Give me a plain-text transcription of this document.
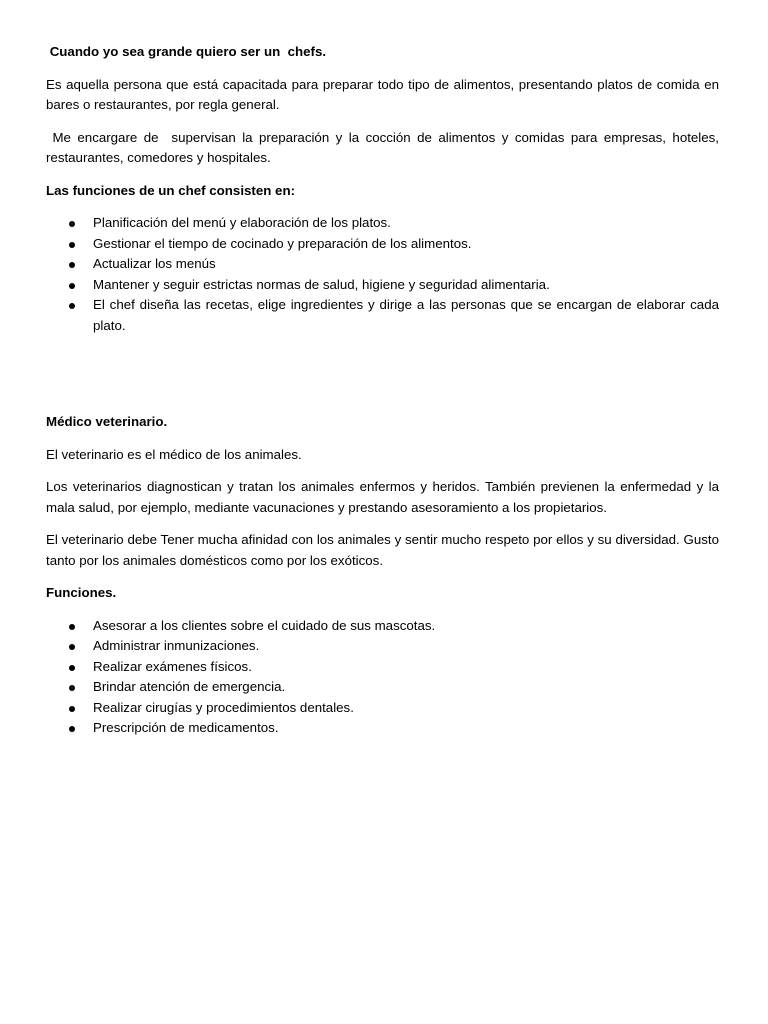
Cuando yo sea grande quiero ser un  chefs.

Es aquella persona que está capacitada para preparar todo tipo de alimentos, presentando platos de comida en bares o restaurantes, por regla general.

Me encargare de  supervisan la preparación y la cocción de alimentos y comidas para empresas, hoteles, restaurantes, comedores y hospitales.

Las funciones de un chef consisten en:

Planificación del menú y elaboración de los platos.
Gestionar el tiempo de cocinado y preparación de los alimentos.
Actualizar los menús
Mantener y seguir estrictas normas de salud, higiene y seguridad alimentaria.
El chef diseña las recetas, elige ingredientes y dirige a las personas que se encargan de elaborar cada plato.

Médico veterinario.

El veterinario es el médico de los animales.

Los veterinarios diagnostican y tratan los animales enfermos y heridos. También previenen la enfermedad y la mala salud, por ejemplo, mediante vacunaciones y prestando asesoramiento a los propietarios.

El veterinario debe Tener mucha afinidad con los animales y sentir mucho respeto por ellos y su diversidad. Gusto tanto por los animales domésticos como por los exóticos.

Funciones.

Asesorar a los clientes sobre el cuidado de sus mascotas.
Administrar inmunizaciones.
Realizar exámenes físicos.
Brindar atención de emergencia.
Realizar cirugías y procedimientos dentales.
Prescripción de medicamentos.
